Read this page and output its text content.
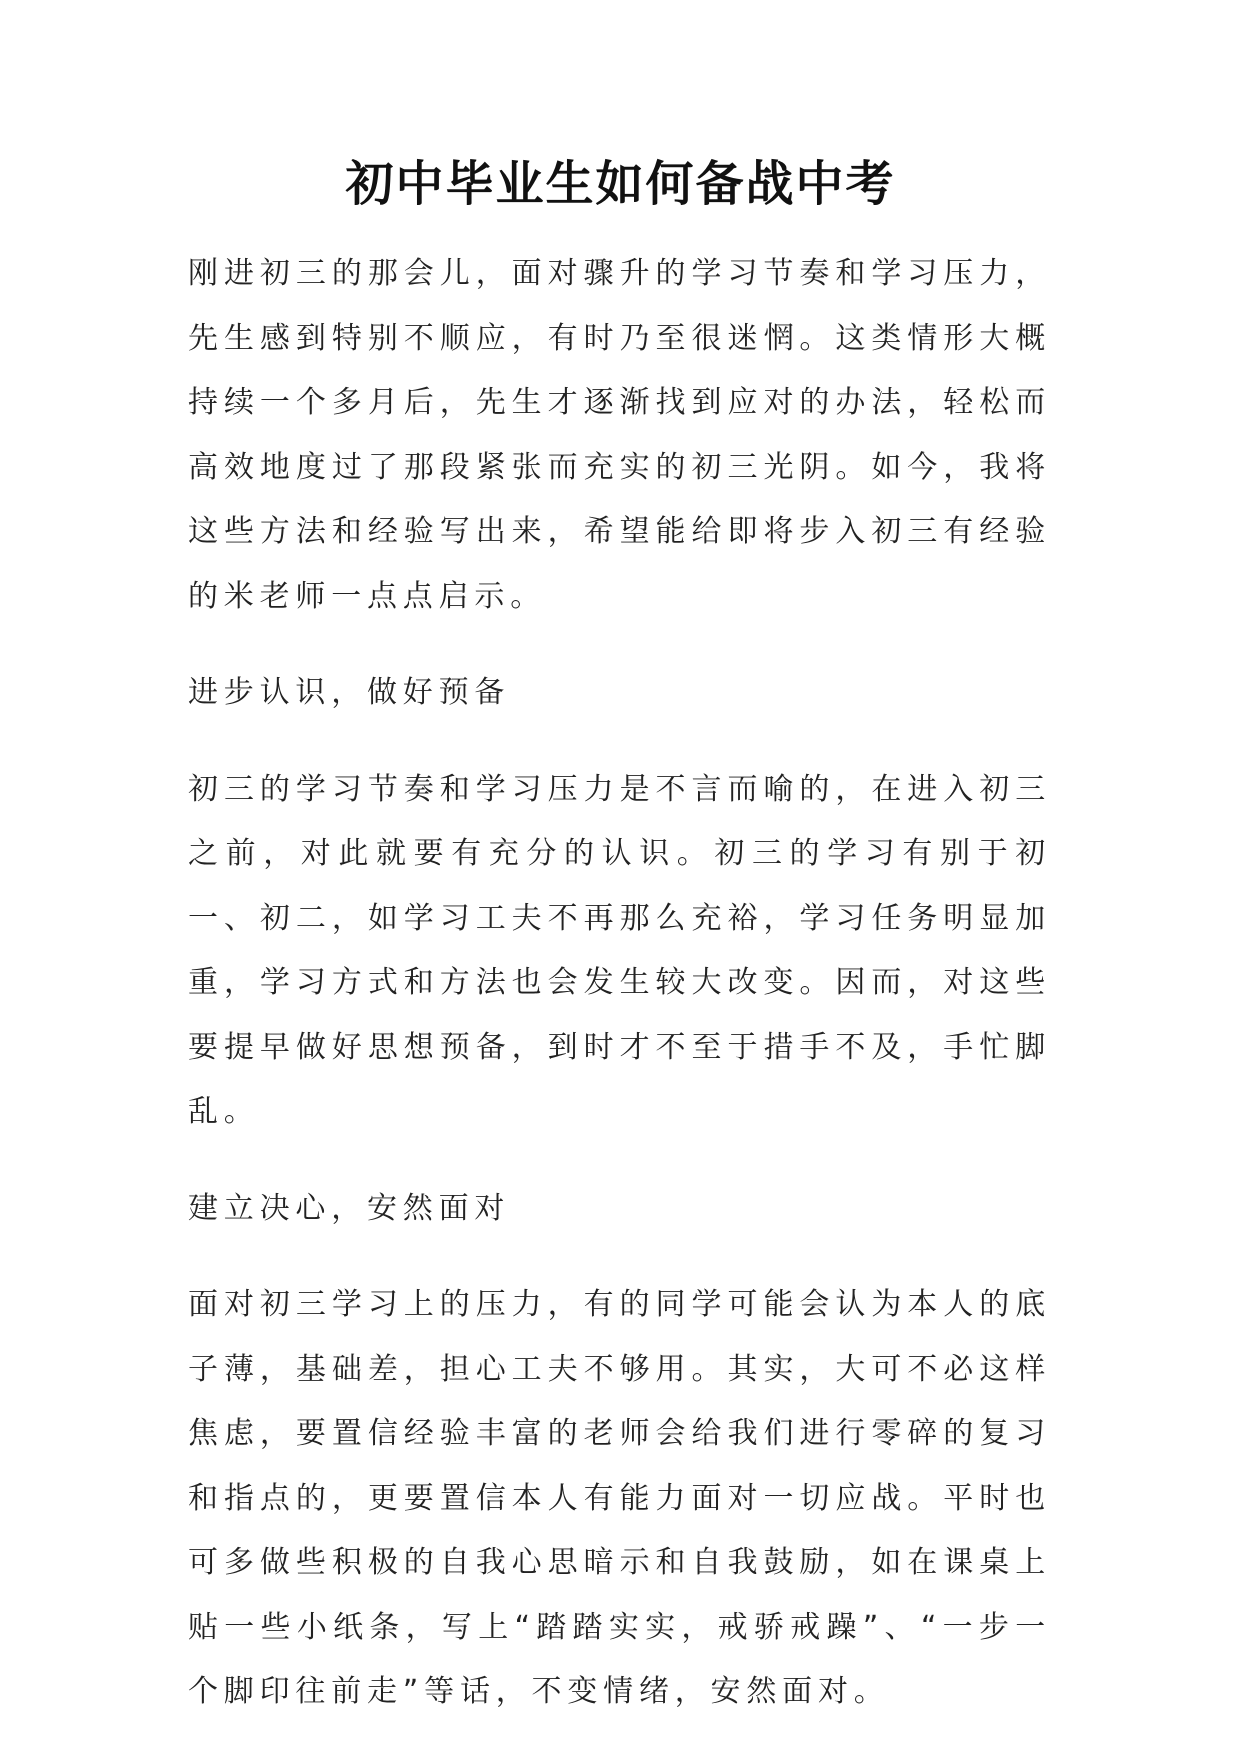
初中毕业生如何备战中考

刚进初三的那会儿，面对骤升的学习节奏和学习压力，先生感到特别不顺应，有时乃至很迷惘。这类情形大概持续一个多月后，先生才逐渐找到应对的办法，轻松而高效地度过了那段紧张而充实的初三光阴。如今，我将这些方法和经验写出来，希望能给即将步入初三有经验的米老师一点点启示。

进步认识，做好预备

初三的学习节奏和学习压力是不言而喻的，在进入初三之前，对此就要有充分的认识。初三的学习有别于初一、初二，如学习工夫不再那么充裕，学习任务明显加重，学习方式和方法也会发生较大改变。因而，对这些要提早做好思想预备，到时才不至于措手不及，手忙脚乱。

建立决心，安然面对

面对初三学习上的压力，有的同学可能会认为本人的底子薄，基础差，担心工夫不够用。其实，大可不必这样焦虑，要置信经验丰富的老师会给我们进行零碎的复习和指点的，更要置信本人有能力面对一切应战。平时也可多做些积极的自我心思暗示和自我鼓励，如在课桌上贴一些小纸条，写上“踏踏实实，戒骄戒躁”、“一步一个脚印往前走”等话，不变情绪，安然面对。
